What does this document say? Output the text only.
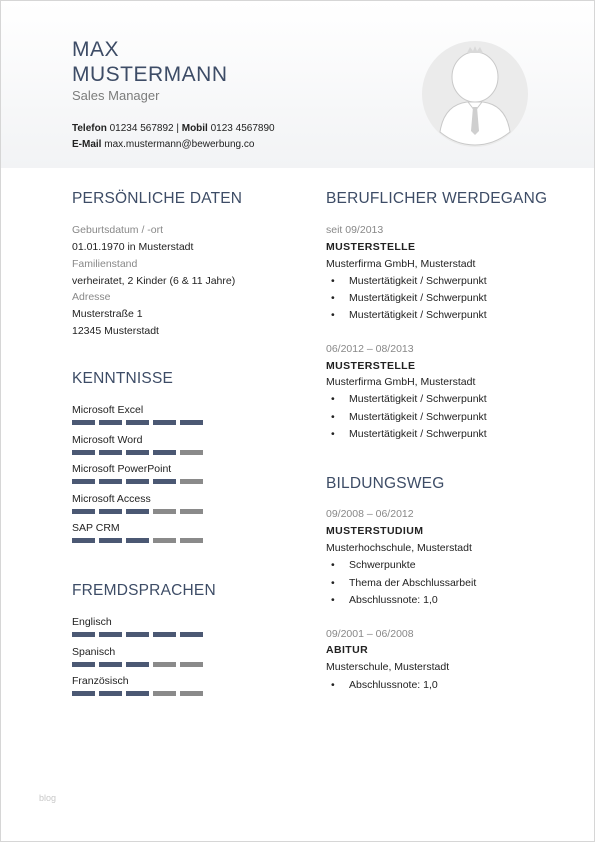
MAX
MUSTERMANN
Sales Manager
Telefon 01234 567892 | Mobil 0123 4567890
E-Mail max.mustermann@bewerbung.co
PERSÖNLICHE DATEN
Geburtsdatum / -ort
01.01.1970 in Musterstadt
Familienstand
verheiratet, 2 Kinder (6 & 11 Jahre)
Adresse
Musterstraße 1
12345 Musterstadt
KENNTNISSE
Microsoft Excel
Microsoft Word
Microsoft PowerPoint
Microsoft Access
SAP CRM
FREMDSPRACHEN
Englisch
Spanisch
Französisch
BERUFLICHER WERDEGANG
seit 09/2013
MUSTERSTELLE
Musterfirma GmbH, Musterstadt
• Mustertätigkeit / Schwerpunkt
• Mustertätigkeit / Schwerpunkt
• Mustertätigkeit / Schwerpunkt
06/2012 – 08/2013
MUSTERSTELLE
Musterfirma GmbH, Musterstadt
• Mustertätigkeit / Schwerpunkt
• Mustertätigkeit / Schwerpunkt
• Mustertätigkeit / Schwerpunkt
BILDUNGSWEG
09/2008 – 06/2012
MUSTERSTUDIUM
Musterhochschule, Musterstadt
• Schwerpunkte
• Thema der Abschlussarbeit
• Abschlussnote: 1,0
09/2001 – 06/2008
ABITUR
Musterschule, Musterstadt
• Abschlussnote: 1,0
blog
